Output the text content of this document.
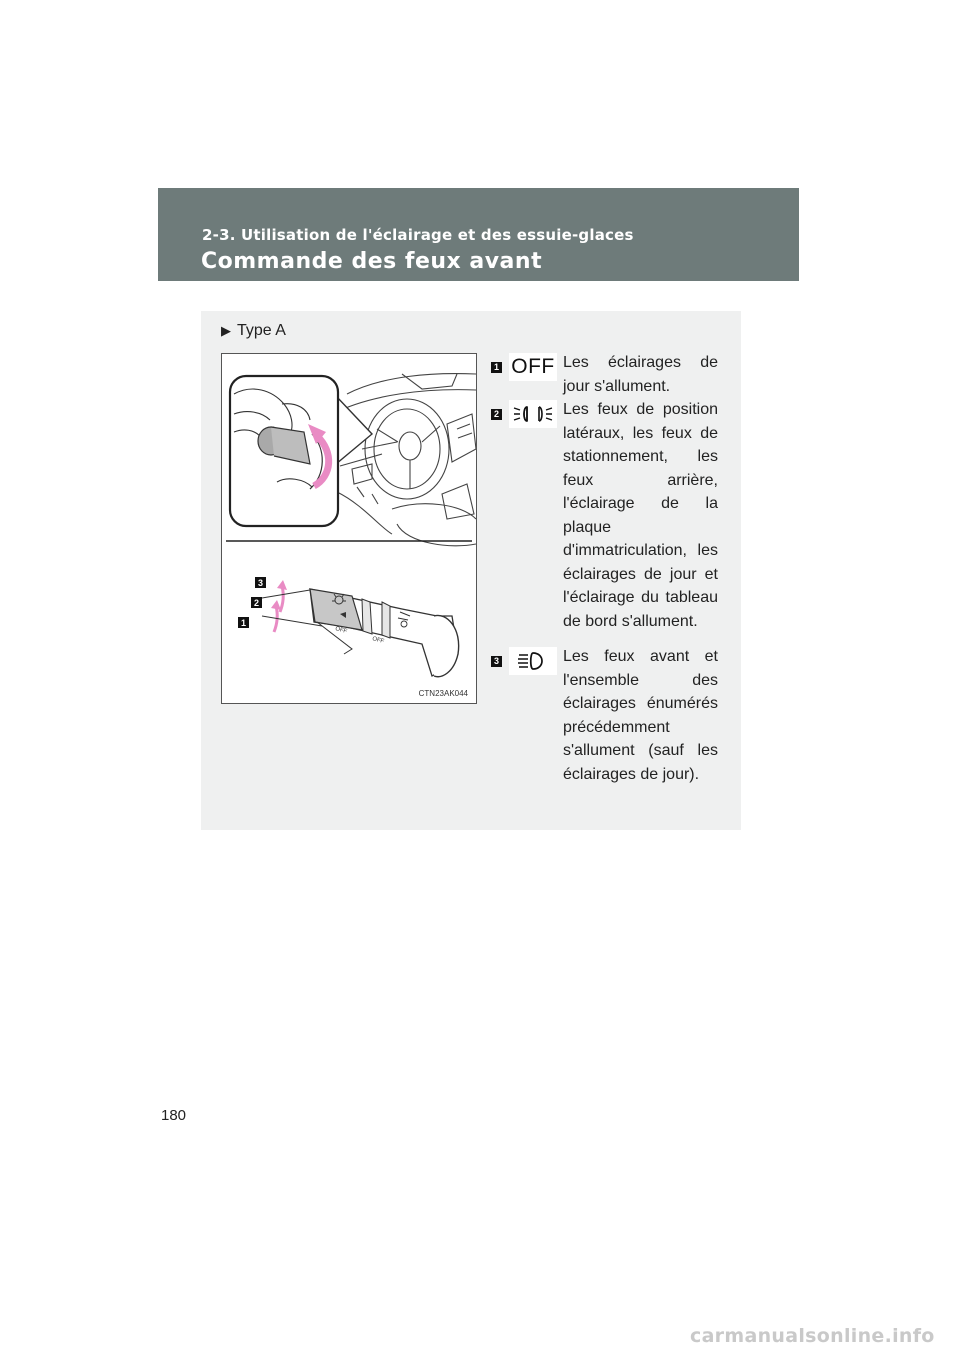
2-3. Utilisation de l'éclairage et des essuie-glaces
Commande des feux avant
▶ Type A
OFF
OFF
3
2
1
CTN23AK044
1 OFF Les éclairages de jour s'allument.
2	Les feux de position latéraux, les feux de stationnement, les feux arrière, l'éclairage de la plaque d'immatriculation, les éclairages de jour et l'éclairage du tableau de bord s'allument.
3	Les feux avant et l'ensemble des éclairages énumérés précédemment s'allument (sauf les éclairages de jour).
180
carmanualsonline.info
